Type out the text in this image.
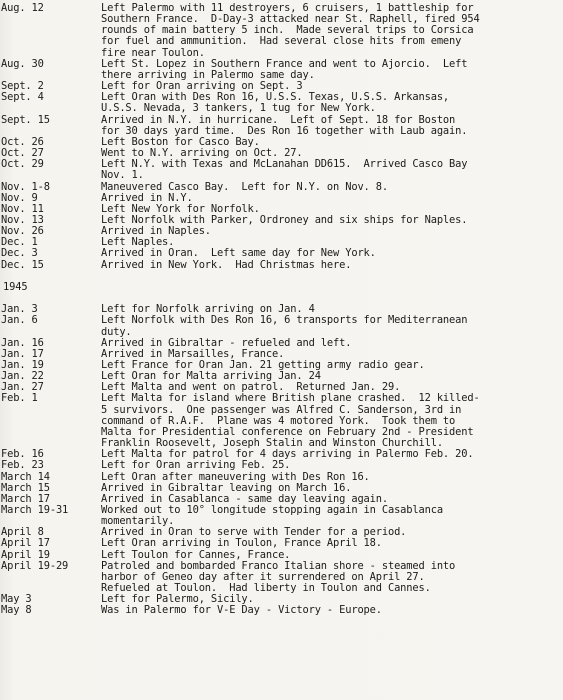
Aug. 12	Left Palermo with 11 destroyers, 6 cruisers, 1 battleship for
Southern France.  D-Day-3 attacked near St. Raphell, fired 954
rounds of main battery 5 inch.  Made several trips to Corsica
for fuel and ammunition.  Had several close hits from emeny
fire near Toulon.
Aug. 30	Left St. Lopez in Southern France and went to Ajorcio.  Left
there arriving in Palermo same day.
Sept. 2	Left for Oran arriving on Sept. 3
Sept. 4	Left Oran with Des Ron 16, U.S.S. Texas, U.S.S. Arkansas,
U.S.S. Nevada, 3 tankers, 1 tug for New York.
Sept. 15	Arrived in N.Y. in hurricane.  Left of Sept. 18 for Boston
for 30 days yard time.  Des Ron 16 together with Laub again.
Oct. 26	Left Boston for Casco Bay.
Oct. 27	Went to N.Y. arriving on Oct. 27.
Oct. 29	Left N.Y. with Texas and McLanahan DD615.  Arrived Casco Bay
Nov. 1.
Nov. 1-8	Maneuvered Casco Bay.  Left for N.Y. on Nov. 8.
Nov. 9	Arrived in N.Y.
Nov. 11	Left New York for Norfolk.
Nov. 13	Left Norfolk with Parker, Ordroney and six ships for Naples.
Nov. 26	Arrived in Naples.
Dec. 1	Left Naples.
Dec. 3	Arrived in Oran.  Left same day for New York.
Dec. 15	Arrived in New York.  Had Christmas here.
1945
Jan. 3	Left for Norfolk arriving on Jan. 4
Jan. 6	Left Norfolk with Des Ron 16, 6 transports for Mediterranean
duty.
Jan. 16	Arrived in Gibraltar - refueled and left.
Jan. 17	Arrived in Marsailles, France.
Jan. 19	Left France for Oran Jan. 21 getting army radio gear.
Jan. 22	Left Oran for Malta arriving Jan. 24
Jan. 27	Left Malta and went on patrol.  Returned Jan. 29.
Feb. 1	Left Malta for island where British plane crashed.  12 killed-
5 survivors.  One passenger was Alfred C. Sanderson, 3rd in
command of R.A.F.  Plane was 4 motored York.  Took them to
Malta for Presidential conference on February 2nd - President
Franklin Roosevelt, Joseph Stalin and Winston Churchill.
Feb. 16	Left Malta for patrol for 4 days arriving in Palermo Feb. 20.
Feb. 23	Left for Oran arriving Feb. 25.
March 14	Left Oran after maneuvering with Des Ron 16.
March 15	Arrived in Gibraltar leaving on March 16.
March 17	Arrived in Casablanca - same day leaving again.
March 19-31	Worked out to 10° longitude stopping again in Casablanca
momentarily.
April 8	Arrived in Oran to serve with Tender for a period.
April 17	Left Oran arriving in Toulon, France April 18.
April 19	Left Toulon for Cannes, France.
April 19-29	Patroled and bombarded Franco Italian shore - steamed into
harbor of Geneo day after it surrendered on April 27.
Refueled at Toulon.  Had liberty in Toulon and Cannes.
May 3	Left for Palermo, Sicily.
May 8	Was in Palermo for V-E Day - Victory - Europe.
